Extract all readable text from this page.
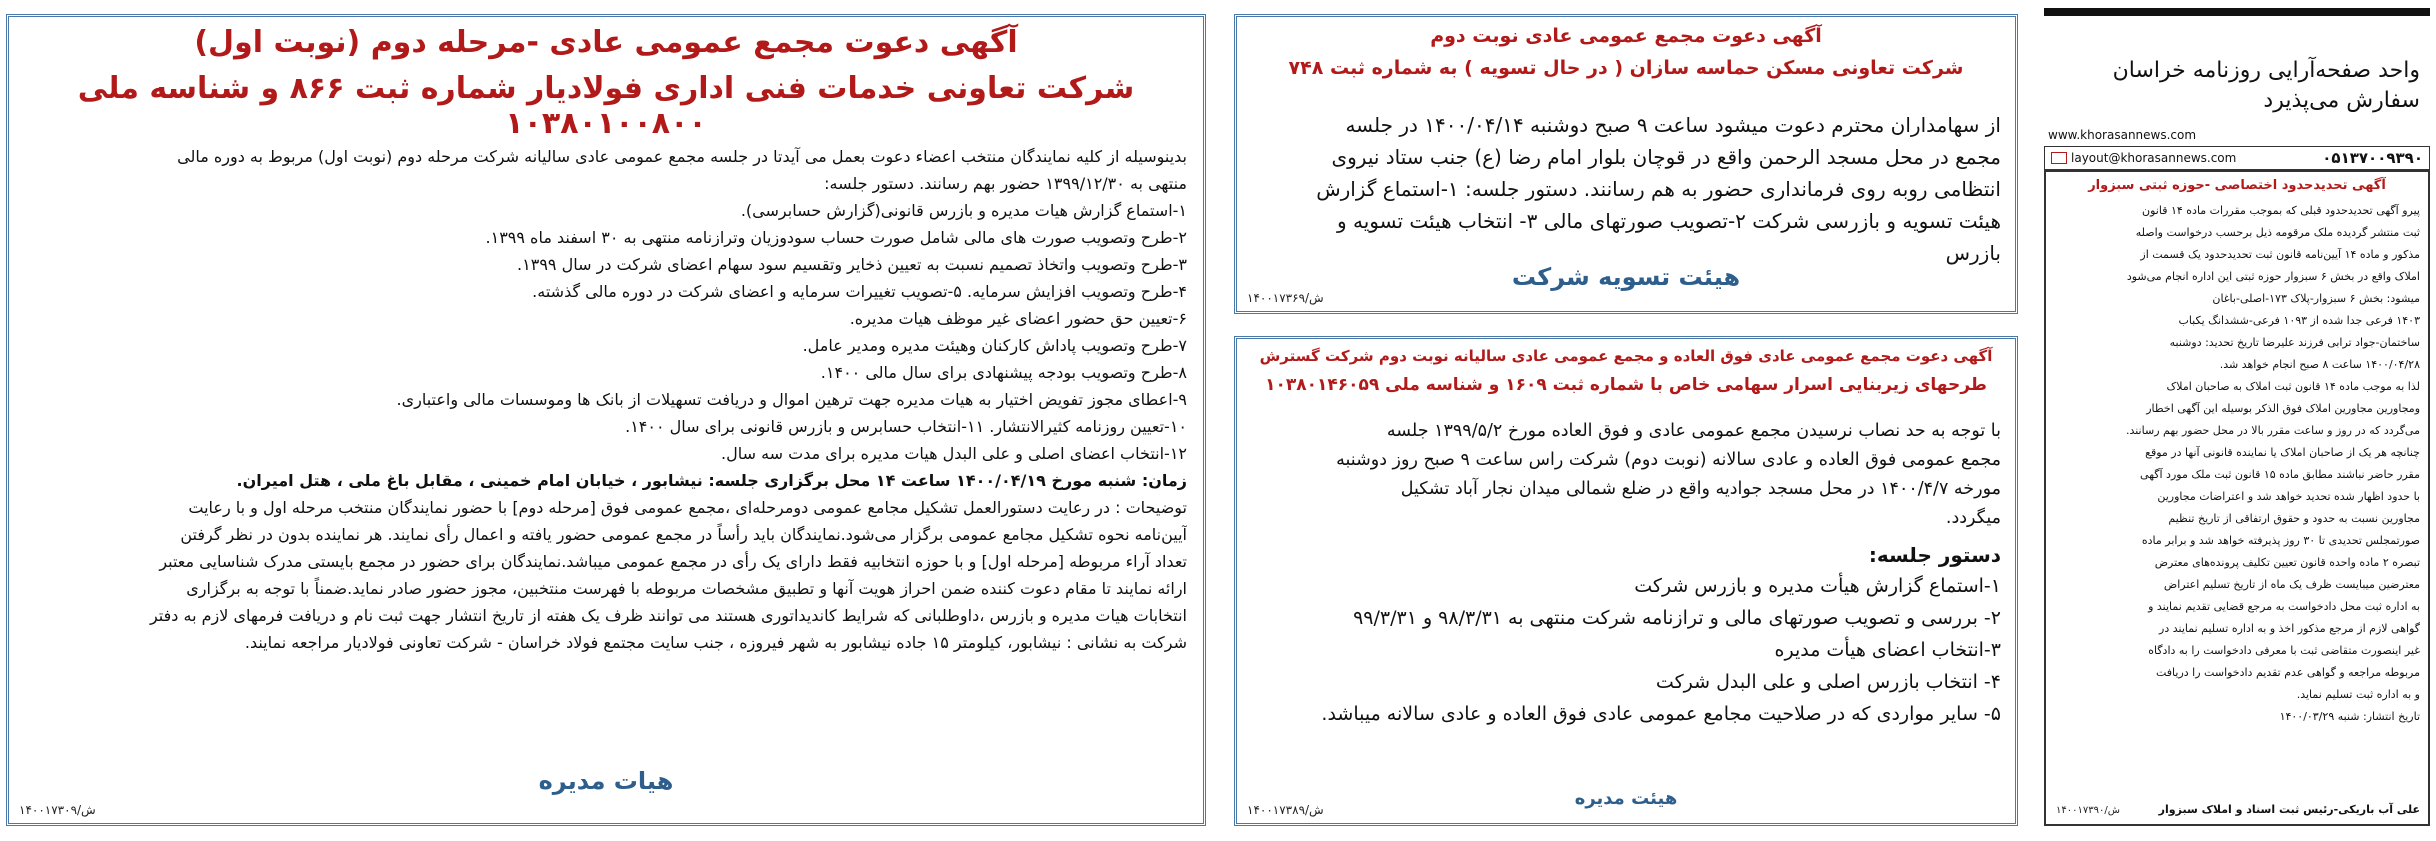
آگهی دعوت مجمع عمومی عادی -مرحله دوم (نوبت اول)
شرکت تعاونی خدمات فنی اداری فولادیار شماره ثبت ۸۶۶ و شناسه ملی ۱۰۳۸۰۱۰۰۸۰۰
بدینوسیله از کلیه نمایندگان منتخب اعضاء دعوت بعمل می آیدتا در جلسه مجمع عمومی عادی سالیانه شرکت مرحله دوم (نوبت اول) مربوط به دوره مالی
منتهی به ۱۳۹۹/۱۲/۳۰ حضور بهم رسانند. دستور جلسه:
۱-استماع گزارش هیات مدیره و بازرس قانونی(گزارش حسابرسی).
۲-طرح وتصویب صورت های مالی شامل صورت حساب سودوزیان وترازنامه منتهی به ۳۰ اسفند ماه ۱۳۹۹.
۳-طرح وتصویب واتخاذ تصمیم نسبت به تعیین ذخایر وتقسیم سود سهام اعضای شرکت در سال ۱۳۹۹.
۴-طرح وتصویب افزایش سرمایه. ۵-تصویب تغییرات سرمایه و اعضای شرکت در دوره مالی گذشته.
۶-تعیین حق حضور اعضای غیر موظف هیات مدیره.
۷-طرح وتصویب پاداش کارکنان وهیئت مدیره ومدیر عامل.
۸-طرح وتصویب بودجه پیشنهادی برای سال مالی ۱۴۰۰.
۹-اعطای مجوز تفویض اختیار به هیات مدیره جهت ترهین اموال و دریافت تسهیلات از بانک ها وموسسات مالی واعتباری.
۱۰-تعیین روزنامه کثیرالانتشار. ۱۱-انتخاب حسابرس و بازرس قانونی برای سال ۱۴۰۰.
۱۲-انتخاب اعضای اصلی و علی البدل هیات مدیره برای مدت سه سال.
زمان: شنبه مورخ ۱۴۰۰/۰۴/۱۹ ساعت ۱۴ محل برگزاری جلسه: نیشابور ، خیابان امام خمینی ، مقابل باغ ملی ، هتل امیران.
توضیحات : در رعایت دستورالعمل تشکیل مجامع عمومی دومرحله‌ای ،مجمع عمومی فوق [مرحله دوم] با حضور نمایندگان منتخب مرحله اول و با رعایت
آیین‌نامه نحوه تشکیل مجامع عمومی برگزار می‌شود.نمایندگان باید رأساً در مجمع عمومی حضور یافته و اعمال رأی نمایند. هر نماینده بدون در نظر گرفتن
تعداد آراء مربوطه [مرحله اول] و با حوزه انتخابیه فقط دارای یک رأی در مجمع عمومی میباشد.نمایندگان برای حضور در مجمع بایستی مدرک شناسایی معتبر
ارائه نمایند تا مقام دعوت کننده ضمن احراز هویت آنها و تطبیق مشخصات مربوطه با فهرست منتخبین، مجوز حضور صادر نماید.ضمناً با توجه به برگزاری
انتخابات هیات مدیره و بازرس ،داوطلبانی که شرایط کاندیداتوری هستند می توانند ظرف یک هفته از تاریخ انتشار جهت ثبت نام و دریافت فرمهای لازم به دفتر
شرکت به نشانی : نیشابور، کیلومتر ۱۵ جاده نیشابور به شهر فیروزه ، جنب سایت مجتمع فولاد خراسان - شرکت تعاونی فولادیار مراجعه نمایند.
هیات مدیره
ش/۱۴۰۰۱۷۳۰۹
آگهی دعوت مجمع عمومی عادی نوبت دوم
شرکت تعاونی مسکن حماسه سازان ( در حال تسویه ) به شماره ثبت ۷۴۸
از سهامداران محترم دعوت میشود ساعت ۹ صبح دوشنبه ۱۴۰۰/۰۴/۱۴ در جلسه
مجمع در محل مسجد الرحمن واقع در قوچان بلوار امام رضا (ع) جنب ستاد نیروی
انتظامی روبه روی فرمانداری حضور به هم رسانند. دستور جلسه: ۱-استماع گزارش
هیئت تسویه و بازرسی شرکت ۲-تصویب صورتهای مالی ۳- انتخاب هیئت تسویه و
بازرس
هیئت تسویه شرکت
ش/۱۴۰۰۱۷۳۶۹
آگهی دعوت مجمع عمومی عادی فوق العاده و مجمع عمومی عادی سالیانه نوبت دوم شرکت گسترش
طرحهای زیربنایی اسرار سهامی خاص با شماره ثبت ۱۶۰۹ و شناسه ملی ۱۰۳۸۰۱۴۶۰۵۹
با توجه به حد نصاب نرسیدن مجمع عمومی عادی و فوق العاده مورخ ۱۳۹۹/۵/۲ جلسه
مجمع عمومی فوق العاده و عادی سالانه (نوبت دوم) شرکت راس ساعت ۹ صبح روز دوشنبه
مورخه ۱۴۰۰/۴/۷ در محل مسجد جوادیه واقع در ضلع شمالی میدان نجار آباد تشکیل
میگردد.
دستور جلسه:
۱-استماع گزارش هیأت مدیره و بازرس شرکت
۲- بررسی و تصویب صورتهای مالی و ترازنامه شرکت منتهی به ۹۸/۳/۳۱ و ۹۹/۳/۳۱
۳-انتخاب اعضای هیأت مدیره
۴- انتخاب بازرس اصلی و علی البدل شرکت
۵- سایر مواردی که در صلاحیت مجامع عمومی عادی فوق العاده و عادی سالانه میباشد.
هیئت مدیره
ش/۱۴۰۰۱۷۳۸۹
واحد صفحه‌آرایی روزنامه خراسان
سفارش می‌پذیرد
www.khorasannews.com
layout@khorasannews.com	۰۵۱۳۷۰۰۹۳۹۰
آگهی تحدیدحدود اختصاصی -حوزه ثبتی سبزوار
پیرو آگهی تحدیدحدود قبلی که بموجب مقررات ماده ۱۴ قانون
ثبت منتشر گردیده ملک مرقومه ذیل برحسب درخواست واصله
مذکور و ماده ۱۴ آیین‌نامه قانون ثبت تحدیدحدود یک قسمت از
املاک واقع در بخش ۶ سبزوار حوزه ثبتی این اداره انجام می‌شود
میشود: بخش ۶ سبزوار-پلاک ۱۷۳-اصلی-باغان
۱۴۰۳ فرعی جدا شده از ۱۰۹۳ فرعی-ششدانگ یکباب
ساختمان-جواد ترابی فرزند علیرضا تاریخ تحدید: دوشنبه
۱۴۰۰/۰۴/۲۸ ساعت ۸ صبح انجام خواهد شد.
لذا به موجب ماده ۱۴ قانون ثبت املاک به صاحبان املاک
ومجاورین مجاورین املاک فوق الذکر بوسیله این آگهی اخطار
می‌گردد که در روز و ساعت مقرر بالا در محل حضور بهم رسانند.
چنانچه هر یک از صاحبان املاک یا نماینده قانونی آنها در موقع
مقرر حاضر نباشند مطابق ماده ۱۵ قانون ثبت ملک مورد آگهی
با حدود اظهار شده تحدید خواهد شد و اعتراضات مجاورین
مجاورین نسبت به حدود و حقوق ارتفاقی از تاریخ تنظیم
صورتمجلس تحدیدی تا ۳۰ روز پذیرفته خواهد شد و برابر ماده
تبصره ۲ ماده واحده قانون تعیین تکلیف پرونده‌های معترض
معترضین میبایست ظرف یک ماه از تاریخ تسلیم اعتراض
به اداره ثبت محل دادخواست به مرجع قضایی تقدیم نمایند و
گواهی لازم از مرجع مذکور اخذ و به اداره تسلیم نمایند در
غیر اینصورت متقاضی ثبت با معرفی دادخواست را به دادگاه
مربوطه مراجعه و گواهی عدم تقدیم دادخواست را دریافت
و به اداره ثبت تسلیم نماید.
تاریخ انتشار: شنبه ۱۴۰۰/۰۳/۲۹
علی آب باریکی-رئیس ثبت اسناد و املاک سبزوار
ش/۱۴۰۰۱۷۳۹۰
